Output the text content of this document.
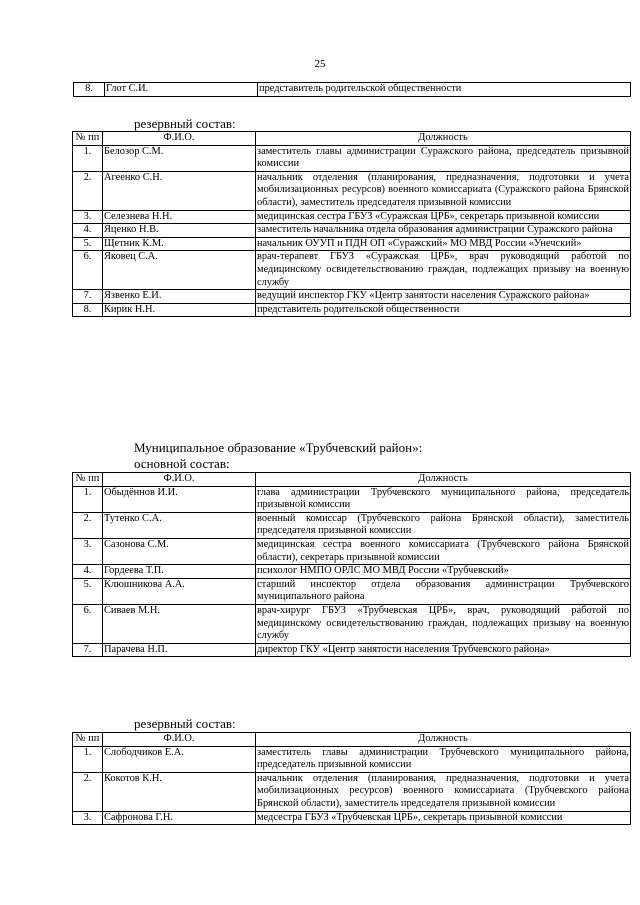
25
8.	Глот С.И.	представитель родительской общественности
резервный состав:
№ пп	Ф.И.О.	Должность
1.	Белозор С.М.	заместитель главы администрации Суражского района, председатель призывной комиссии
2.	Агеенко С.Н.	начальник отделения (планирования, предназначения, подготовки и учета мобилизационных ресурсов) военного комиссариата (Суражского района Брянской области), заместитель председателя призывной комиссии
3.	Селезнева Н.Н.	медицинская сестра ГБУЗ «Суражская ЦРБ», секретарь призывной комиссии
4.	Яценко Н.В.	заместитель начальника отдела образования администрации Суражского района
5.	Щетник К.М.	начальник ОУУП и ПДН ОП «Суражский» МО МВД России «Унечский»
6.	Яковец С.А.	врач-терапевт ГБУЗ «Суражская ЦРБ», врач руководящий работой по медицинскому освидетельствованию граждан, подлежащих призыву на военную службу
7.	Язвенко Е.И.	ведущий инспектор ГКУ «Центр занятости населения Суражского района»
8.	Кирик Н.Н.	представитель родительской общественности
Муниципальное образование «Трубчевский район»:
основной состав:
№ пп	Ф.И.О.	Должность
1.	Обыдённов И.И.	глава администрации Трубчевского муниципального района, председатель призывной комиссии
2.	Тутенко С.А.	военный комиссар (Трубчевского района Брянской области), заместитель председателя призывной комиссии
3.	Сазонова С.М.	медицинская сестра военного комиссариата (Трубчевского района Брянской области), секретарь призывной комиссии
4.	Гордеева Т.П.	психолог НМПО ОРЛС МО МВД России «Трубчевский»
5.	Клюшникова А.А.	старший инспектор отдела образования администрации Трубчевского муниципального района
6.	Сиваев М.Н.	врач-хирург ГБУЗ «Трубчевская ЦРБ», врач, руководящий работой по медицинскому освидетельствованию граждан, подлежащих призыву на военную службу
7.	Парачева Н.П.	директор ГКУ «Центр занятости населения Трубчевского района»
резервный состав:
№ пп	Ф.И.О.	Должность
1.	Слободчиков Е.А.	заместитель главы администрации Трубчевского муниципального района, председатель призывной комиссии
2.	Кокотов К.Н.	начальник отделения (планирования, предназначения, подготовки и учета мобилизационных ресурсов) военного комиссариата (Трубчевского района Брянской области), заместитель председателя призывной комиссии
3.	Сафронова Г.Н.	медсестра ГБУЗ «Трубчевская ЦРБ», секретарь призывной комиссии
